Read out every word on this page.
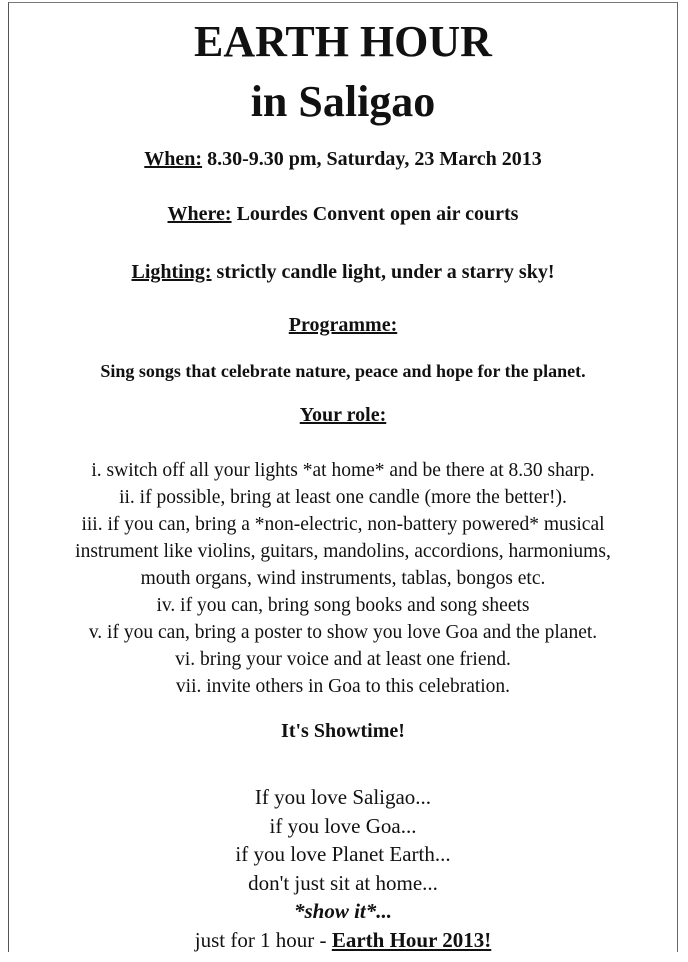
EARTH HOUR
in Saligao
When: 8.30-9.30 pm, Saturday, 23 March 2013
Where: Lourdes Convent open air courts
Lighting: strictly candle light, under a starry sky!
Programme:
Sing songs that celebrate nature, peace and hope for the planet.
Your role:
i. switch off all your lights *at home* and be there at 8.30 sharp.
ii. if possible, bring at least one candle (more the better!).
iii. if you can, bring a *non-electric, non-battery powered* musical
instrument like violins, guitars, mandolins, accordions, harmoniums,
mouth organs, wind instruments, tablas, bongos etc.
iv. if you can, bring song books and song sheets
v. if you can, bring a poster to show you love Goa and the planet.
vi. bring your voice and at least one friend.
vii. invite others in Goa to this celebration.
It's Showtime!
If you love Saligao...
if you love Goa...
if you love Planet Earth...
don't just sit at home...
*show it*...
just for 1 hour - Earth Hour 2013!
